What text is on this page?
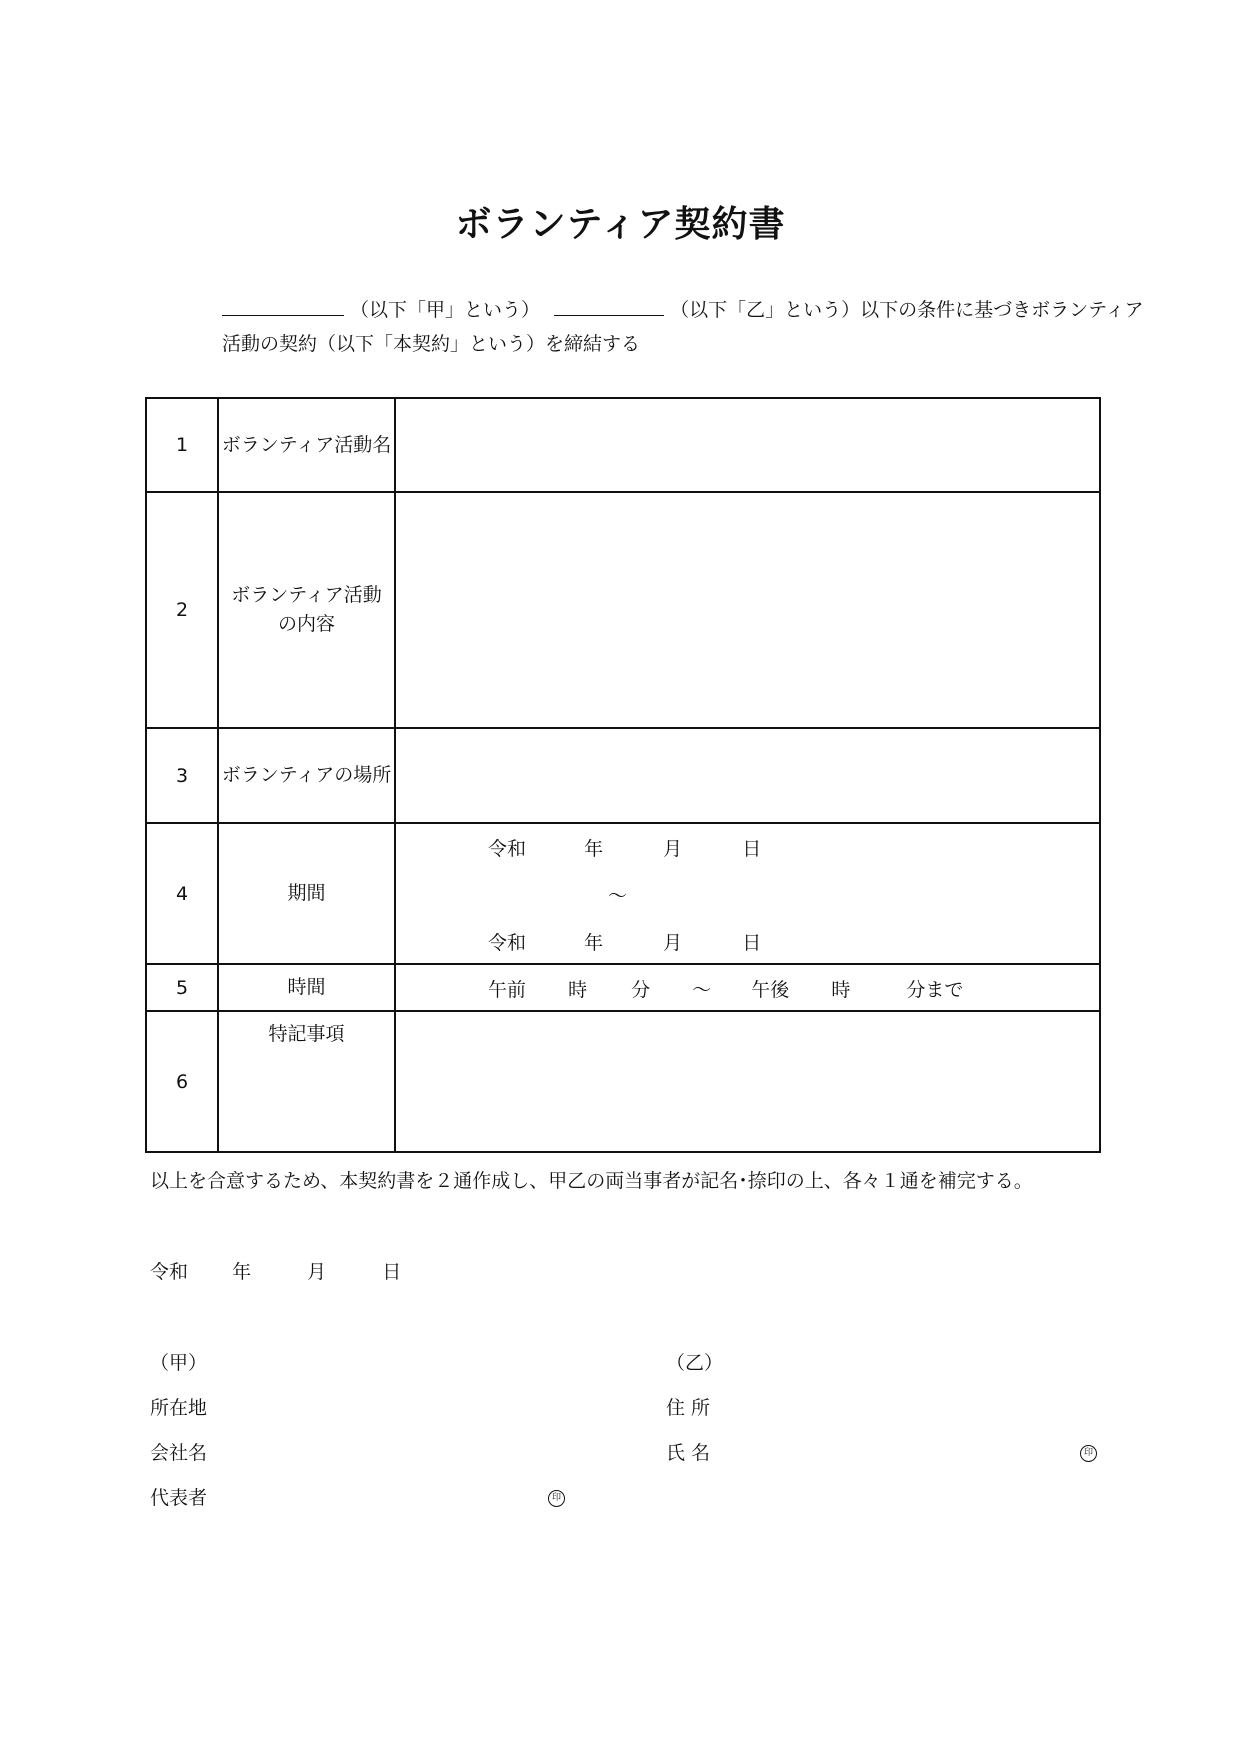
ボランティア契約書
（以下「甲」という）	（以下「乙」という）以下の条件に基づきボランティア
活動の契約（以下「本契約」という）を締結する
1	ボランティア活動名	
2	ボランティア活動
の内容	

3	ボランティアの場所	
4	期間	令和 年 月 日
～
令和 年 月 日

5	時間	午前 時 分 ～ 午後 時 分まで

6	特記事項	
以上を合意するため、本契約書を２通作成し、甲乙の両当事者が記名･捺印の上、各々１通を補完する。
令和 年	月	日
（甲）
所在地
会社名
代表者	印
（乙）
住 所
氏 名	印
